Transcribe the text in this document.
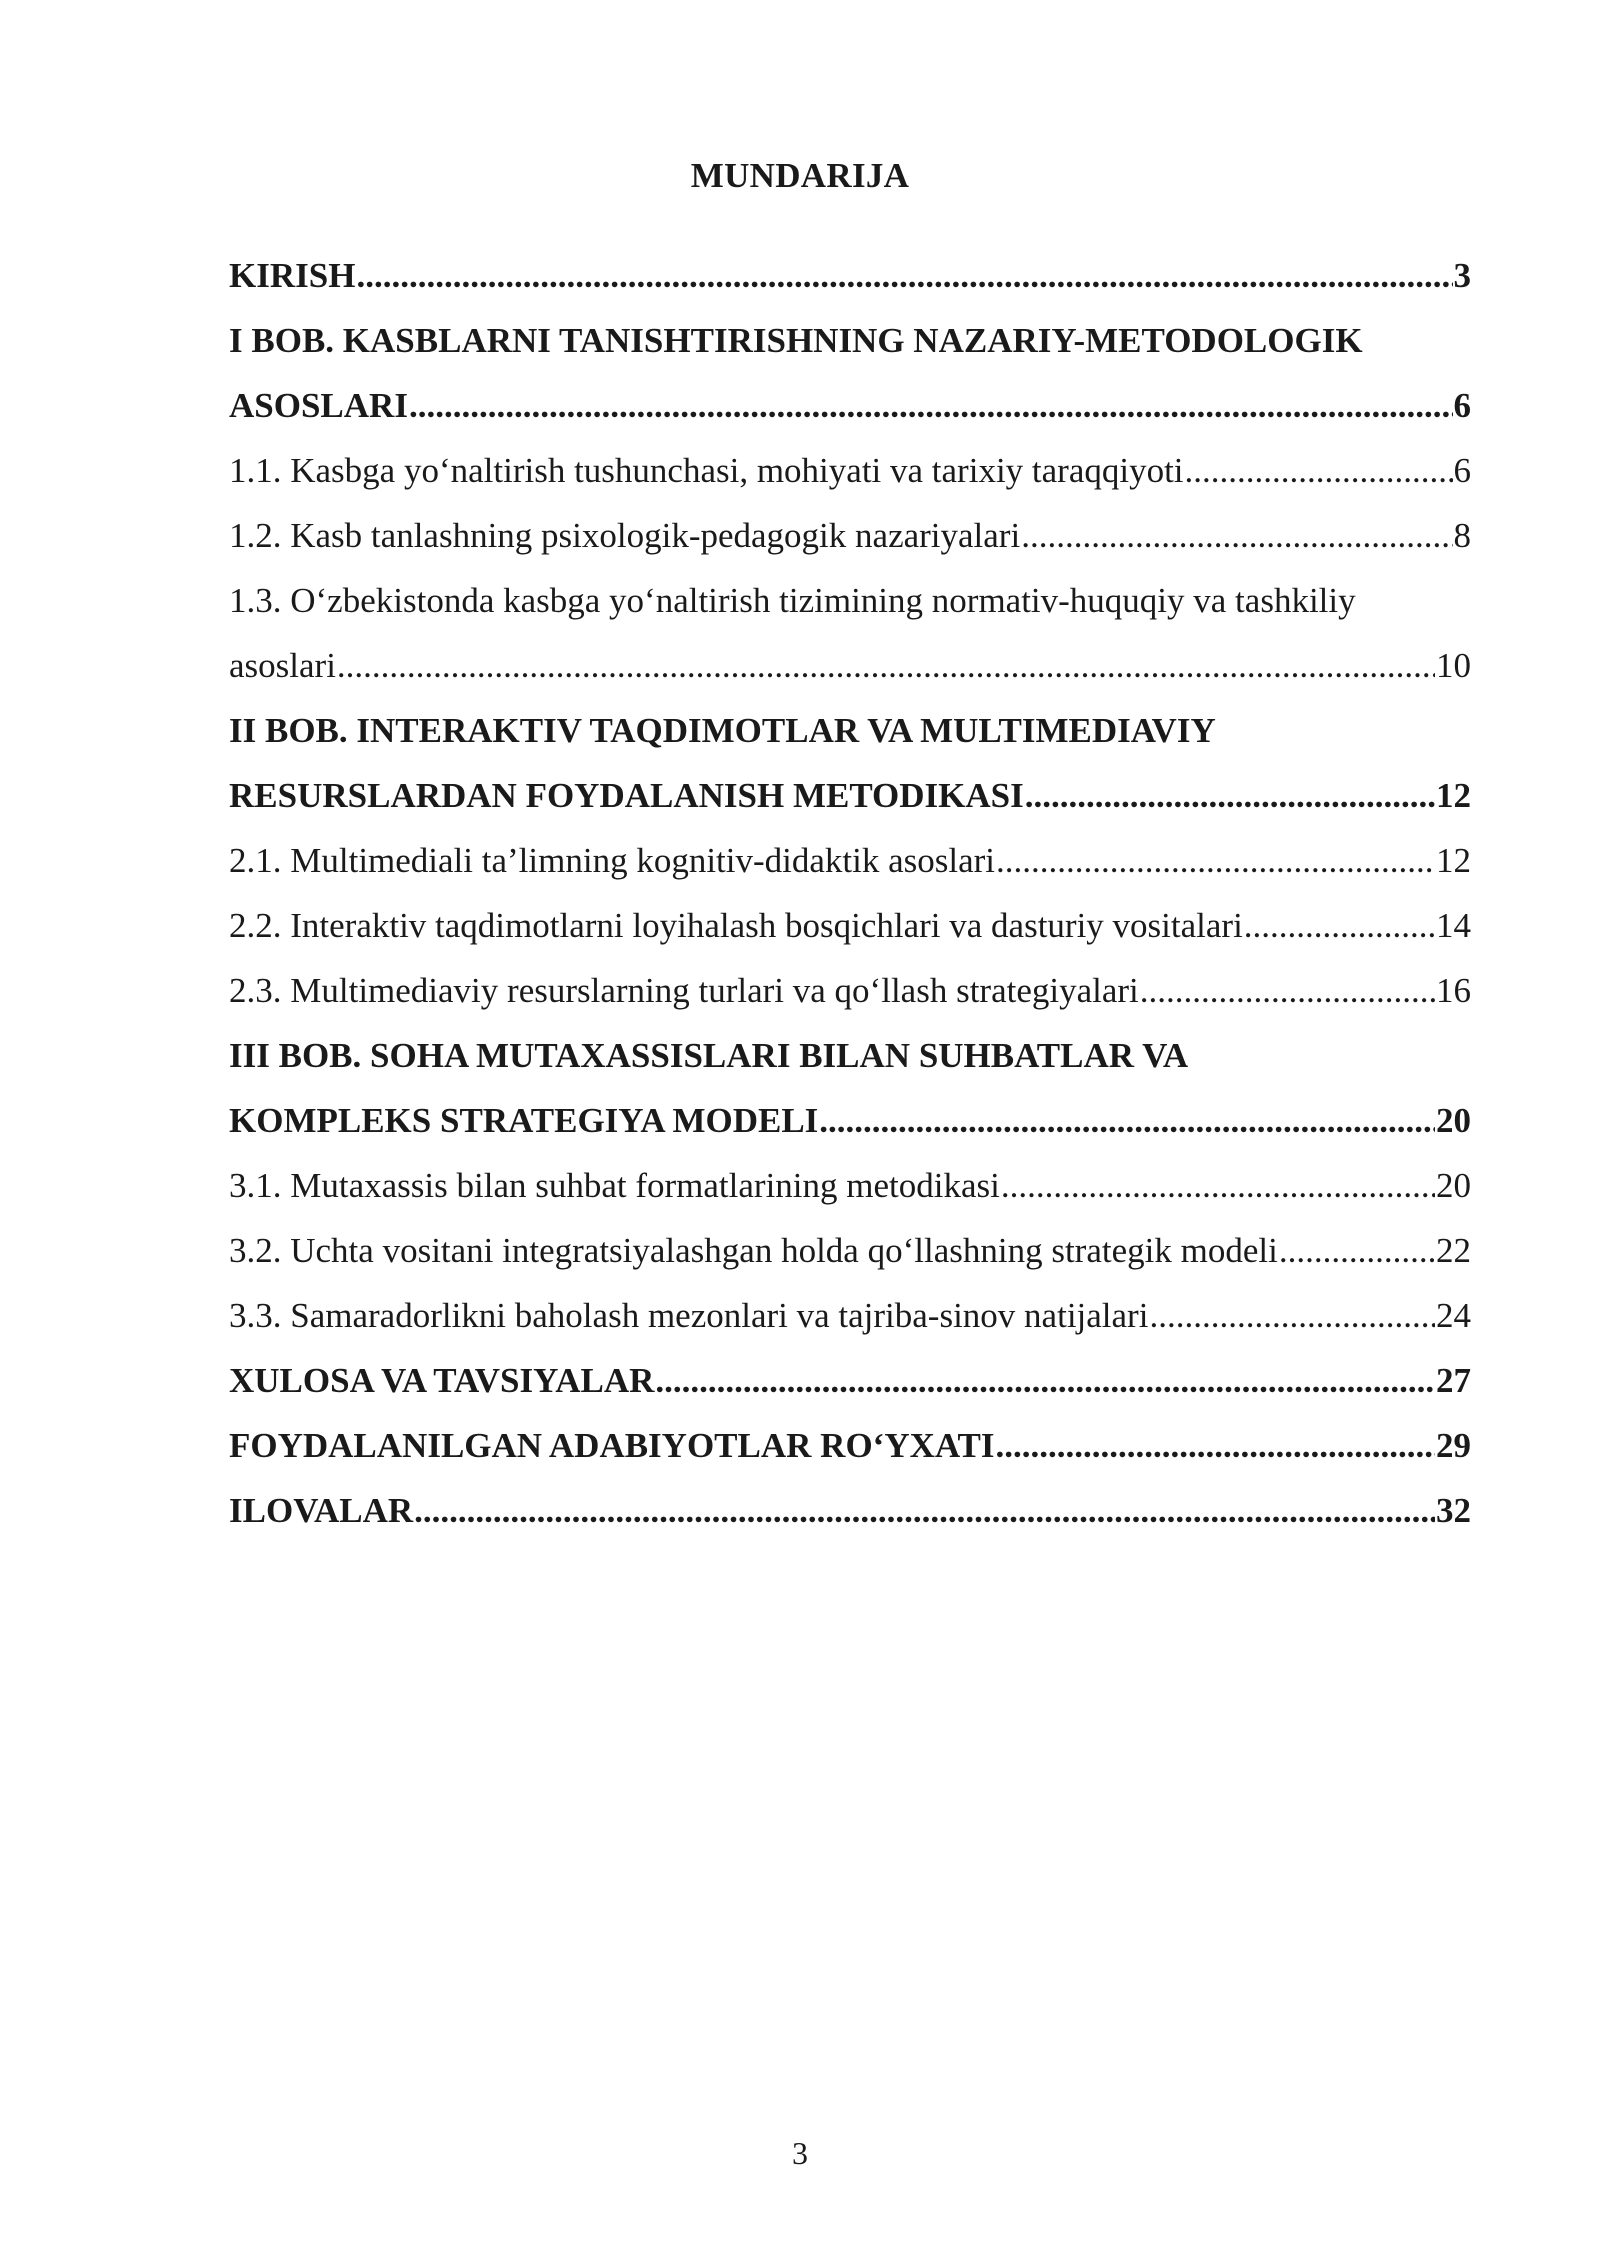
MUNDARIJA
KIRISH .....	3
I BOB. KASBLARNI TANISHTIRISHNING NAZARIY-METODOLOGIK
ASOSLARI .....	6
1.1. Kasbga yo‘naltirish tushunchasi, mohiyati va tarixiy taraqqiyoti .....	6
1.2. Kasb tanlashning psixologik-pedagogik nazariyalari .....	8
1.3. O‘zbekistonda kasbga yo‘naltirish tizimining normativ-huquqiy va tashkiliy
asoslari .....	10
II BOB. INTERAKTIV TAQDIMOTLAR VA MULTIMEDIAVIY
RESURSLARDAN FOYDALANISH METODIKASI .....	12
2.1. Multimediali ta’limning kognitiv-didaktik asoslari .....	12
2.2. Interaktiv taqdimotlarni loyihalash bosqichlari va dasturiy vositalari .....	14
2.3. Multimediaviy resurslarning turlari va qo‘llash strategiyalari .....	16
III BOB. SOHA MUTAXASSISLARI BILAN SUHBATLAR VA
KOMPLEKS STRATEGIYA MODELI .....	20
3.1. Mutaxassis bilan suhbat formatlarining metodikasi .....	20
3.2. Uchta vositani integratsiyalashgan holda qo‘llashning strategik modeli .....	22
3.3. Samaradorlikni baholash mezonlari va tajriba-sinov natijalari .....	24
XULOSA VA TAVSIYALAR .....	27
FOYDALANILGAN ADABIYOTLAR RO‘YXATI .....	29
ILOVALAR .....	32
3
